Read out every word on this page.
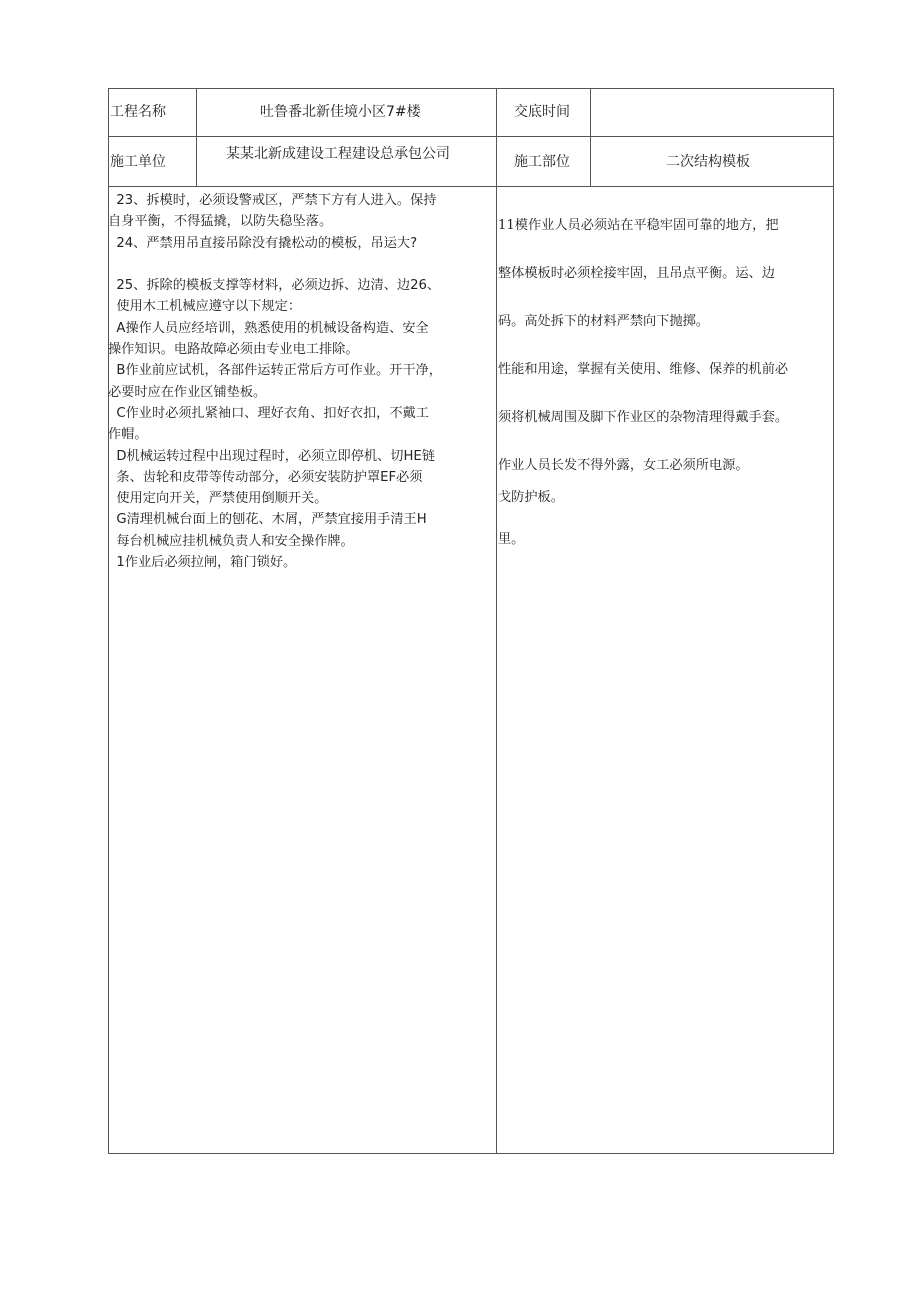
工程名称	吐鲁番北新佳境小区7#楼	交底时间
施工单位	某某北新成建设工程建设总承包公司	施工部位	二次结构模板
23、拆模时，必须设警戒区，严禁下方有人进入。保持
自身平衡，不得猛撬，以防失稳坠落。
24、严禁用吊直接吊除没有撬松动的模板，吊运大?
25、拆除的模板支撑等材料，必须边拆、边清、边26、
使用木工机械应遵守以下规定：
A操作人员应经培训，熟悉使用的机械设备构造、安全
操作知识。电路故障必须由专业电工排除。
B作业前应试机，各部件运转正常后方可作业。开干净，
必要时应在作业区铺垫板。
C作业时必须扎紧袖口、理好衣角、扣好衣扣，不戴工
作帽。
D机械运转过程中出现过程时，必须立即停机、切HE链
条、齿轮和皮带等传动部分，必须安装防护罩EF必须
使用定向开关，严禁使用倒顺开关。
G清理机械台面上的刨花、木屑，严禁宜接用手清王H
每台机械应挂机械负责人和安全操作牌。
1作业后必须拉闸，箱门锁好。
11模作业人员必须站在平稳牢固可靠的地方，把
整体模板时必须栓接牢固，且吊点平衡。运、边
码。高处拆下的材料严禁向下抛掷。
性能和用途，掌握有关使用、维修、保养的机前必
须将机械周围及脚下作业区的杂物清理得戴手套。
作业人员长发不得外露，女工必须所电源。
戈防护板。
里。
